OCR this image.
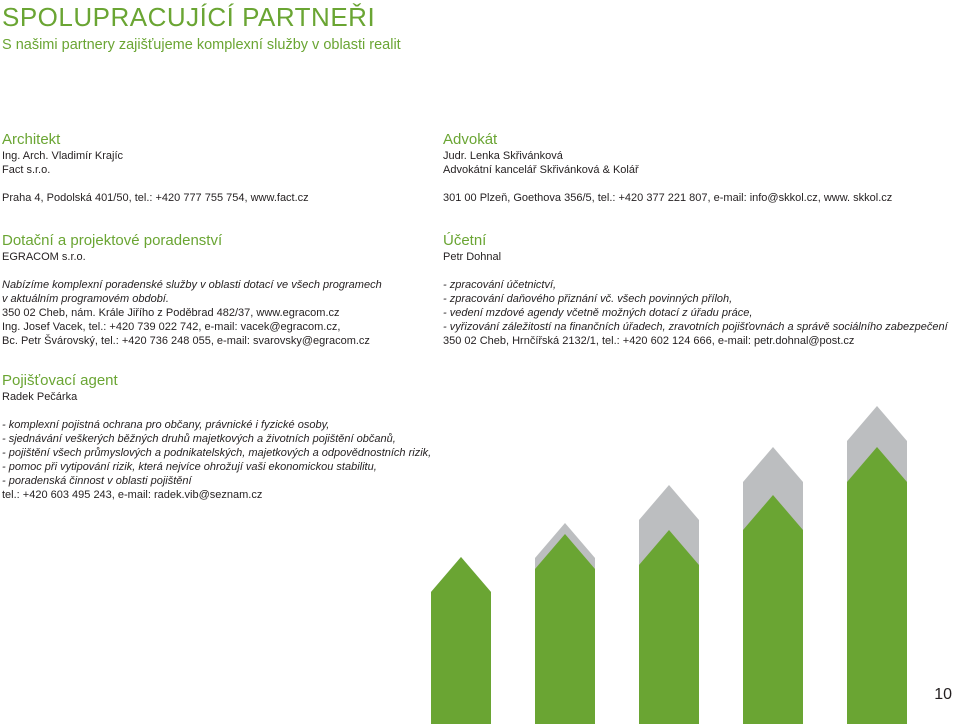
SPOLUPRACUJÍCÍ PARTNEŘI
S našimi partnery zajišťujeme komplexní služby v oblasti realit
Architekt
Ing. Arch. Vladimír Krajíc
Fact s.r.o.
Praha 4, Podolská 401/50, tel.: +420 777 755 754, www.fact.cz
Advokát
Judr. Lenka Skřivánková
Advokátní kancelář Skřivánková & Kolář
301 00 Plzeň, Goethova 356/5, tel.: +420 377 221 807, e-mail: info@skkol.cz, www. skkol.cz
Dotační a projektové poradenství
EGRACOM s.r.o.
Nabízíme komplexní poradenské služby v oblasti dotací ve všech programech
v aktuálním programovém období.
350 02 Cheb, nám. Krále Jiřího z Poděbrad 482/37, www.egracom.cz
Ing. Josef Vacek, tel.: +420 739 022 742, e-mail: vacek@egracom.cz,
Bc. Petr Švárovský, tel.: +420 736 248 055, e-mail: svarovsky@egracom.cz
Účetní
Petr Dohnal
- zpracování účetnictví,
- zpracování daňového přiznání vč. všech povinných příloh,
- vedení mzdové agendy včetně možných dotací z úřadu práce,
- vyřizování záležitostí na finančních úřadech, zravotních pojišťovnách a správě sociálního zabezpečení
350 02 Cheb, Hrnčířská 2132/1, tel.: +420 602 124 666, e-mail: petr.dohnal@post.cz
Pojišťovací agent
Radek Pečárka
- komplexní pojistná ochrana pro občany, právnické i fyzické osoby,
- sjednávání veškerých běžných druhů majetkových a životních pojištění občanů,
- pojištění všech průmyslových a podnikatelských, majetkových a odpovědnostních rizik,
- pomoc při vytipování rizik, která nejvíce ohrožují vaši ekonomickou stabilitu,
- poradenská činnost v oblasti pojištění
tel.: +420 603 495 243, e-mail: radek.vib@seznam.cz
10
